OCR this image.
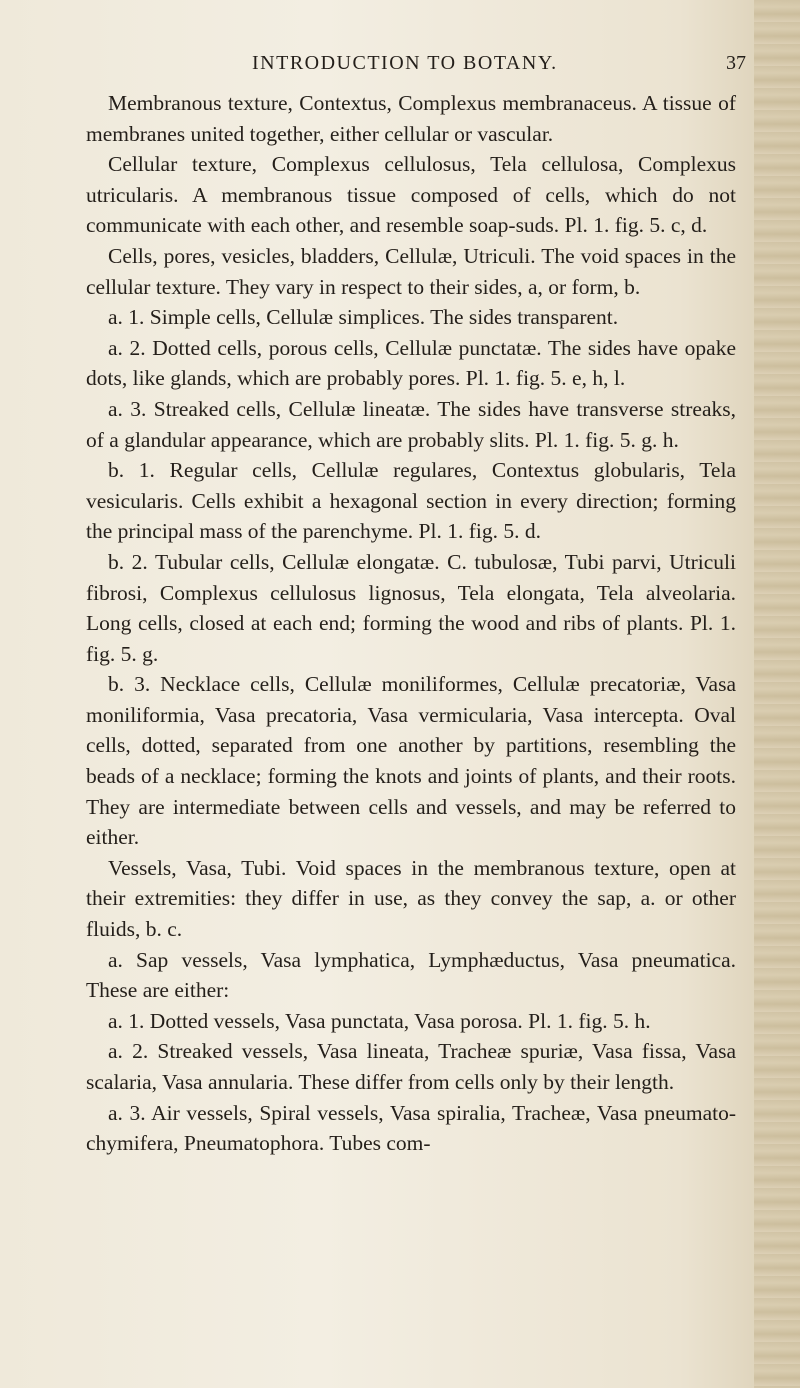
INTRODUCTION TO BOTANY.	37

Membranous texture, Contextus, Complexus membranaceus. A tissue of membranes united together, either cellular or vascular.

Cellular texture, Complexus cellulosus, Tela cellulosa, Complexus utricularis. A membranous tissue composed of cells, which do not communicate with each other, and resemble soap-suds. Pl. 1. fig. 5. c, d.

Cells, pores, vesicles, bladders, Cellulæ, Utriculi. The void spaces in the cellular texture. They vary in respect to their sides, a, or form, b.

a. 1. Simple cells, Cellulæ simplices. The sides transparent.

a. 2. Dotted cells, porous cells, Cellulæ punctatæ. The sides have opake dots, like glands, which are probably pores. Pl. 1. fig. 5. e, h, l.

a. 3. Streaked cells, Cellulæ lineatæ. The sides have transverse streaks, of a glandular appearance, which are probably slits. Pl. 1. fig. 5. g. h.

b. 1. Regular cells, Cellulæ regulares, Contextus globularis, Tela vesicularis. Cells exhibit a hexagonal section in every direction; forming the principal mass of the parenchyme. Pl. 1. fig. 5. d.

b. 2. Tubular cells, Cellulæ elongatæ. C. tubulosæ, Tubi parvi, Utriculi fibrosi, Complexus cellulosus lignosus, Tela elongata, Tela alveolaria. Long cells, closed at each end; forming the wood and ribs of plants. Pl. 1. fig. 5. g.

b. 3. Necklace cells, Cellulæ moniliformes, Cellulæ precatoriæ, Vasa moniliformia, Vasa precatoria, Vasa vermicularia, Vasa intercepta. Oval cells, dotted, separated from one another by partitions, resembling the beads of a necklace; forming the knots and joints of plants, and their roots. They are intermediate between cells and vessels, and may be referred to either.

Vessels, Vasa, Tubi. Void spaces in the membranous texture, open at their extremities: they differ in use, as they convey the sap, a. or other fluids, b. c.

a. Sap vessels, Vasa lymphatica, Lymphæductus, Vasa pneumatica. These are either:

a. 1. Dotted vessels, Vasa punctata, Vasa porosa. Pl. 1. fig. 5. h.

a. 2. Streaked vessels, Vasa lineata, Tracheæ spuriæ, Vasa fissa, Vasa scalaria, Vasa annularia. These differ from cells only by their length.

a. 3. Air vessels, Spiral vessels, Vasa spiralia, Tracheæ, Vasa pneumato-chymifera, Pneumatophora. Tubes com-
